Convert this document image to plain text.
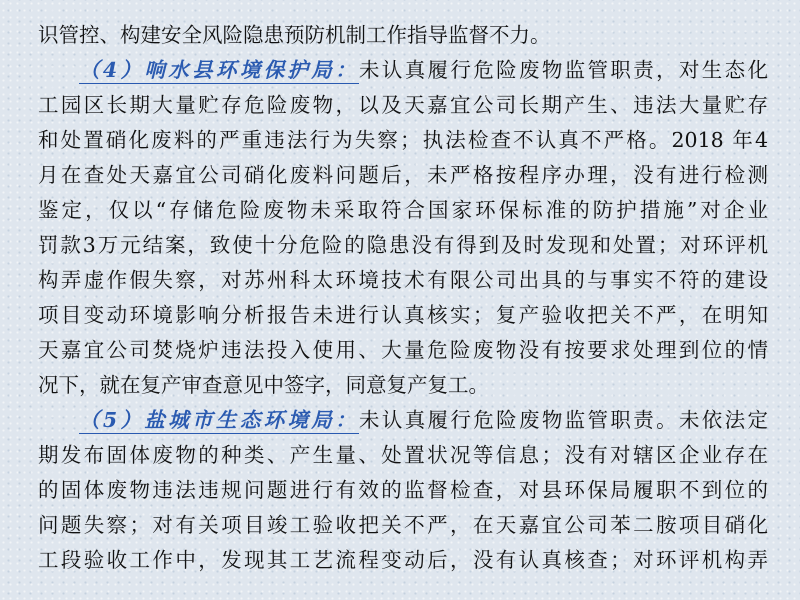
识管控、构建安全风险隐患预防机制工作指导监督不力。
（4）响水县环境保护局：未认真履行危险废物监管职责，对生态化
工园区长期大量贮存危险废物，以及天嘉宜公司长期产生、违法大量贮存
和处置硝化废料的严重违法行为失察；执法检查不认真不严格。2018 年4
月在查处天嘉宜公司硝化废料问题后，未严格按程序办理，没有进行检测
鉴定，仅以“存储危险废物未采取符合国家环保标准的防护措施”对企业
罚款3万元结案，致使十分危险的隐患没有得到及时发现和处置；对环评机
构弄虚作假失察，对苏州科太环境技术有限公司出具的与事实不符的建设
项目变动环境影响分析报告未进行认真核实；复产验收把关不严，在明知
天嘉宜公司焚烧炉违法投入使用、大量危险废物没有按要求处理到位的情
况下，就在复产审查意见中签字，同意复产复工。
（5）盐城市生态环境局：未认真履行危险废物监管职责。未依法定
期发布固体废物的种类、产生量、处置状况等信息；没有对辖区企业存在
的固体废物违法违规问题进行有效的监督检查，对县环保局履职不到位的
问题失察；对有关项目竣工验收把关不严，在天嘉宜公司苯二胺项目硝化
工段验收工作中，发现其工艺流程变动后，没有认真核查；对环评机构弄
